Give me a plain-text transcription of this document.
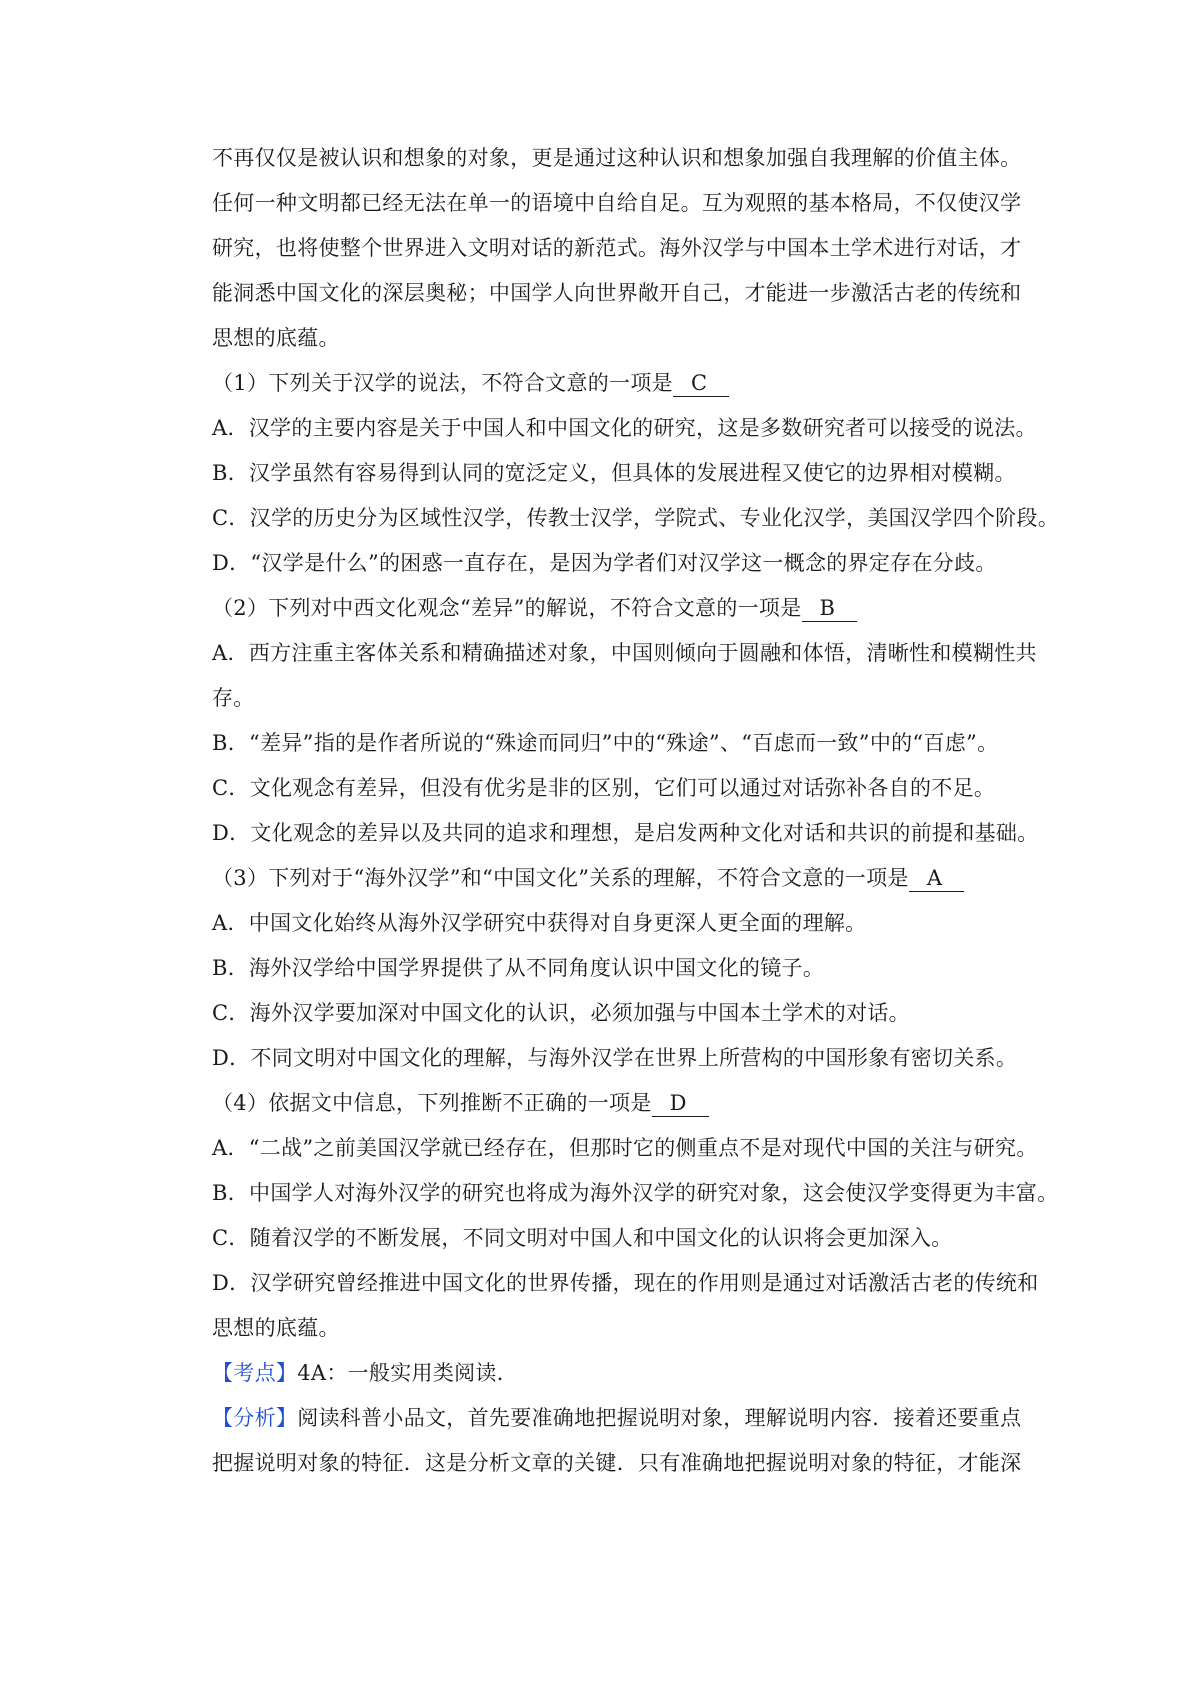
不再仅仅是被认识和想象的对象，更是通过这种认识和想象加强自我理解的价值主体。
任何一种文明都已经无法在单一的语境中自给自足。互为观照的基本格局，不仅使汉学
研究，也将使整个世界进入文明对话的新范式。海外汉学与中国本土学术进行对话，才
能洞悉中国文化的深层奥秘；中国学人向世界敞开自己，才能进一步激活古老的传统和
思想的底蕴。
（1）下列关于汉学的说法，不符合文意的一项是 C
A．汉学的主要内容是关于中国人和中国文化的研究，这是多数研究者可以接受的说法。
B．汉学虽然有容易得到认同的宽泛定义，但具体的发展进程又使它的边界相对模糊。
C．汉学的历史分为区域性汉学，传教士汉学，学院式、专业化汉学，美国汉学四个阶段。
D．“汉学是什么”的困惑一直存在，是因为学者们对汉学这一概念的界定存在分歧。
（2）下列对中西文化观念“差异”的解说，不符合文意的一项是 B
A．西方注重主客体关系和精确描述对象，中国则倾向于圆融和体悟，清晰性和模糊性共
存。
B．“差异”指的是作者所说的“殊途而同归”中的“殊途”、“百虑而一致”中的“百虑”。
C．文化观念有差异，但没有优劣是非的区别，它们可以通过对话弥补各自的不足。
D．文化观念的差异以及共同的追求和理想，是启发两种文化对话和共识的前提和基础。
（3）下列对于“海外汉学”和“中国文化”关系的理解，不符合文意的一项是 A
A．中国文化始终从海外汉学研究中获得对自身更深人更全面的理解。
B．海外汉学给中国学界提供了从不同角度认识中国文化的镜子。
C．海外汉学要加深对中国文化的认识，必须加强与中国本土学术的对话。
D．不同文明对中国文化的理解，与海外汉学在世界上所营构的中国形象有密切关系。
（4）依据文中信息，下列推断不正确的一项是 D
A．“二战”之前美国汉学就已经存在，但那时它的侧重点不是对现代中国的关注与研究。
B．中国学人对海外汉学的研究也将成为海外汉学的研究对象，这会使汉学变得更为丰富。
C．随着汉学的不断发展，不同文明对中国人和中国文化的认识将会更加深入。
D．汉学研究曾经推进中国文化的世界传播，现在的作用则是通过对话激活古老的传统和
思想的底蕴。
【考点】4A：一般实用类阅读．
【分析】阅读科普小品文，首先要准确地把握说明对象，理解说明内容．接着还要重点
把握说明对象的特征．这是分析文章的关键．只有准确地把握说明对象的特征，才能深
